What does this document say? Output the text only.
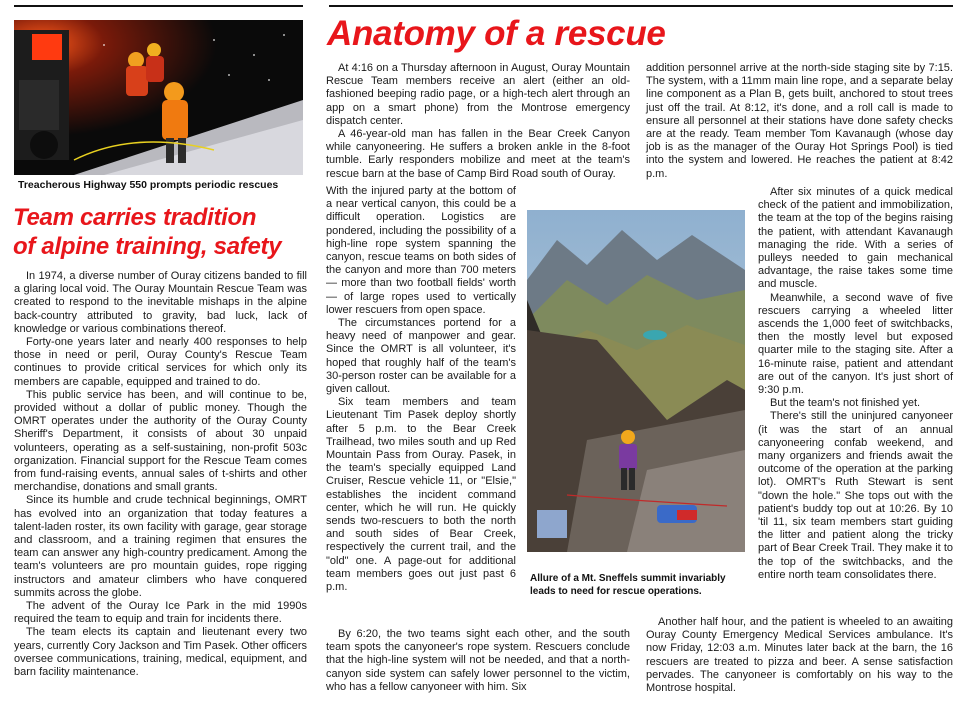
Treacherous Highway 550 prompts periodic rescues
Team carries tradition
of alpine training, safety

In 1974, a diverse number of Ouray citizens banded to fill a glaring local void. The Ouray Mountain Rescue Team was created to respond to the inevitable mishaps in the alpine back-country attributed to gravity, bad luck, lack of knowledge or various combinations thereof.

Forty-one years later and nearly 400 responses to help those in need or peril, Ouray County's Rescue Team continues to provide critical services for which only its members are capable, equipped and trained to do.

This public service has been, and will continue to be, provided without a dollar of public money. Though the OMRT operates under the authority of the Ouray County Sheriff's Department, it consists of about 30 unpaid volunteers, operating as a self-sustaining, non-profit 503c organization. Financial support for the Rescue Team comes from fund-raising events, annual sales of t-shirts and other merchandise, donations and small grants.

Since its humble and crude technical beginnings, OMRT has evolved into an organization that today features a talent-laden roster, its own facility with garage, gear storage and classroom, and a training regimen that ensures the team can answer any high-country predicament. Among the team's volunteers are pro mountain guides, rope rigging instructors and amateur climbers who have conquered summits across the globe.

The advent of the Ouray Ice Park in the mid 1990s required the team to equip and train for incidents there.

The team elects its captain and lieutenant every two years, currently Cory Jackson and Tim Pasek. Other officers oversee communications, training, medical, equipment, and barn facility maintenance.

Anatomy of a rescue

At 4:16 on a Thursday afternoon in August, Ouray Mountain Rescue Team members receive an alert (either an old-fashioned beeping radio page, or a high-tech alert through an app on a smart phone) from the Montrose emergency dispatch center.

A 46-year-old man has fallen in the Bear Creek Canyon while canyoneering. He suffers a broken ankle in the 8-foot tumble. Early responders mobilize and meet at the team's rescue barn at the base of Camp Bird Road south of Ouray.

With the injured party at the bottom of a near vertical canyon, this could be a difficult operation. Logistics are pondered, including the possibility of a high-line rope system spanning the canyon, rescue teams on both sides of the canyon and more than 700 meters — more than two football fields' worth — of large ropes used to vertically lower rescuers from open space.

The circumstances portend for a heavy need of manpower and gear. Since the OMRT is all volunteer, it's hoped that roughly half of the team's 30-person roster can be available for a given callout.

Six team members and team Lieutenant Tim Pasek deploy shortly after 5 p.m. to the Bear Creek Trailhead, two miles south and up Red Mountain Pass from Ouray. Pasek, in the team's specially equipped Land Cruiser, Rescue vehicle 11, or "Elsie," establishes the incident command center, which he will run. He quickly sends two-rescuers to both the north and south sides of Bear Creek, respectively the current trail, and the "old" one. A page-out for additional team members goes out just past 6 p.m.

By 6:20, the two teams sight each other, and the south team spots the canyoneer's rope system. Rescuers conclude that the high-line system will not be needed, and that a north-canyon side system can safely lower personnel to the victim, who has a fellow canyoneer with him. Six

addition personnel arrive at the north-side staging site by 7:15. The system, with a 11mm main line rope, and a separate belay line component as a Plan B, gets built, anchored to stout trees just off the trail. At 8:12, it's done, and a roll call is made to ensure all personnel at their stations have done safety checks are at the ready. Team member Tom Kavanaugh (whose day job is as the manager of the Ouray Hot Springs Pool) is tied into the system and lowered. He reaches the patient at 8:42 p.m.

After six minutes of a quick medical check of the patient and immobilization, the team at the top of the begins raising the patient, with attendant Kavanaugh managing the ride. With a series of pulleys needed to gain mechanical advantage, the raise takes some time and muscle.

Meanwhile, a second wave of five rescuers carrying a wheeled litter ascends the 1,000 feet of switchbacks, then the mostly level but exposed quarter mile to the staging site. After a 16-minute raise, patient and attendant are out of the canyon. It's just short of 9:30 p.m.

But the team's not finished yet.

There's still the uninjured canyoneer (it was the start of an annual canyoneering confab weekend, and many organizers and friends await the outcome of the operation at the parking lot). OMRT's Ruth Stewart is sent "down the hole." She tops out with the patient's buddy top out at 10:26. By 10 'til 11, six team members start guiding the litter and patient along the tricky part of Bear Creek Trail. They make it to the top of the switchbacks, and the entire north team consolidates there.

Another half hour, and the patient is wheeled to an awaiting Ouray County Emergency Medical Services ambulance. It's now Friday, 12:03 a.m. Minutes later back at the barn, the 16 rescuers are treated to pizza and beer. A sense satisfaction pervades. The canyoneer is comfortably on his way to the Montrose hospital.

Allure of a Mt. Sneffels summit invariably
leads to need for rescue operations.
